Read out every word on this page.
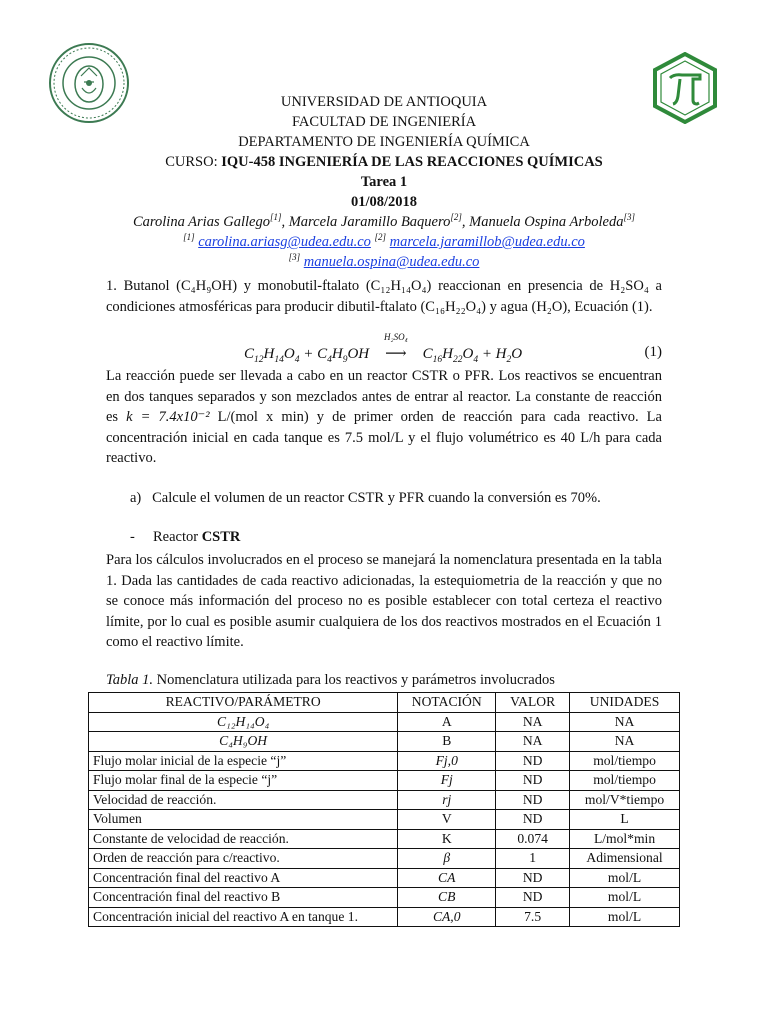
UNIVERSIDAD DE ANTIOQUIA
FACULTAD DE INGENIERÍA
DEPARTAMENTO DE INGENIERÍA QUÍMICA
CURSO: IQU-458 INGENIERÍA DE LAS REACCIONES QUÍMICAS
Tarea 1
01/08/2018
Carolina Arias Gallego[1], Marcela Jaramillo Baquero[2], Manuela Ospina Arboleda[3]
[1] carolina.ariasg@udea.edu.co [2] marcela.jaramillob@udea.edu.co
[3] manuela.ospina@udea.edu.co
1. Butanol (C₄H₉OH) y monobutil-ftalato (C₁₂H₁₄O₄) reaccionan en presencia de H₂SO₄ a condiciones atmosféricas para producir dibutil-ftalato (C₁₆H₂₂O₄) y agua (H₂O), Ecuación (1).
$C_{12}H_{14}O_4 + C_4H_9OH$
H₂SO₄
⟶ $C_{16}H_{22}O_4 + H_2O$	(1)
La reacción puede ser llevada a cabo en un reactor CSTR o PFR. Los reactivos se encuentran en dos tanques separados y son mezclados antes de entrar al reactor. La constante de reacción es k = 7.4x10⁻² L/(mol x min) y de primer orden de reacción para cada reactivo. La concentración inicial en cada tanque es 7.5 mol/L y el flujo volumétrico es 40 L/h para cada reactivo.
a) Calcule el volumen de un reactor CSTR y PFR cuando la conversión es 70%.
- Reactor CSTR
Para los cálculos involucrados en el proceso se manejará la nomenclatura presentada en la tabla 1. Dada las cantidades de cada reactivo adicionadas, la estequiometria de la reacción y que no se conoce más información del proceso no es posible establecer con total certeza el reactivo límite, por lo cual es posible asumir cualquiera de los dos reactivos mostrados en el Ecuación 1 como el reactivo límite.
Tabla 1. Nomenclatura utilizada para los reactivos y parámetros involucrados
REACTIVO/PARÁMETRO	NOTACIÓN	VALOR	UNIDADES
C₁₂H₁₄O₄	A	NA	NA
C₄H₉OH	B	NA	NA
Flujo molar inicial de la especie “j”	Fj,0	ND	mol/tiempo
Flujo molar final de la especie “j”	Fj	ND	mol/tiempo
Velocidad de reacción.	rj	ND	mol/V*tiempo
Volumen	V	ND	L
Constante de velocidad de reacción.	K	0.074	L/mol*min
Orden de reacción para c/reactivo.	β	1	Adimensional
Concentración final del reactivo A	CA	ND	mol/L
Concentración final del reactivo B	CB	ND	mol/L
Concentración inicial del reactivo A en tanque 1.	CA,0	7.5	mol/L
